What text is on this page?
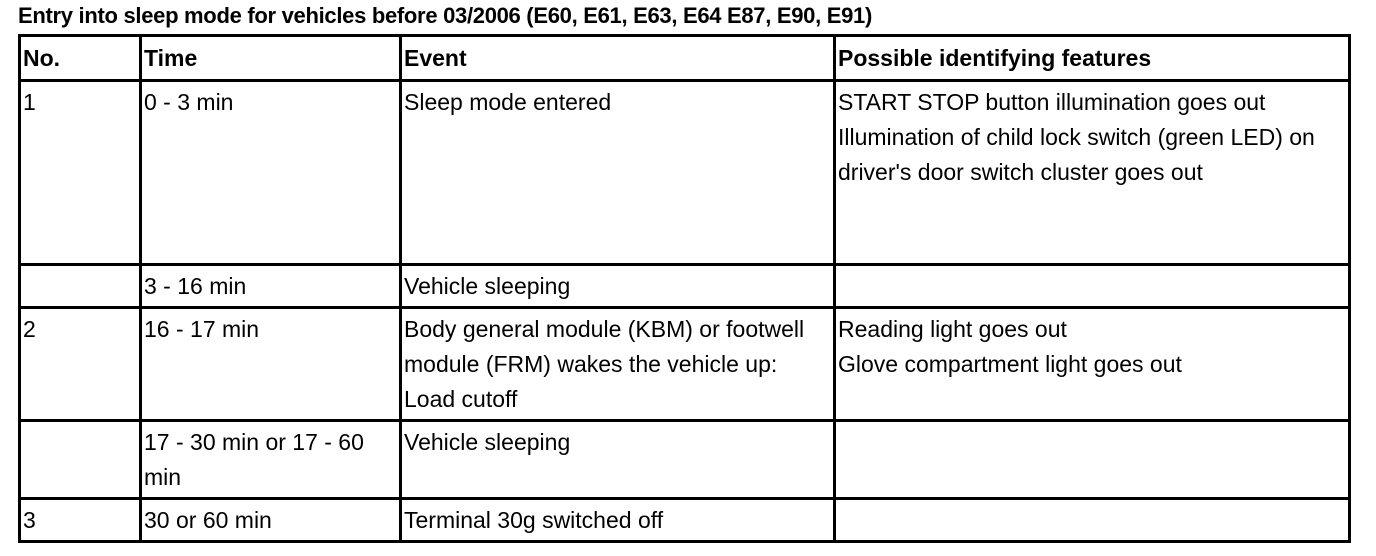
Entry into sleep mode for vehicles before 03/2006 (E60, E61, E63, E64 E87, E90, E91)
No.	Time	Event	Possible identifying features
1	0 - 3 min	Sleep mode entered	START STOP button illumination goes out
Illumination of child lock switch (green LED) on driver's door switch cluster goes out

	3 - 16 min	Vehicle sleeping	
2	16 - 17 min	Body general module (KBM) or footwell module (FRM) wakes the vehicle up: Load cutoff	Reading light goes out
Glove compartment light goes out

	17 - 30 min or 17 - 60 min	Vehicle sleeping	
3	30 or 60 min	Terminal 30g switched off	
